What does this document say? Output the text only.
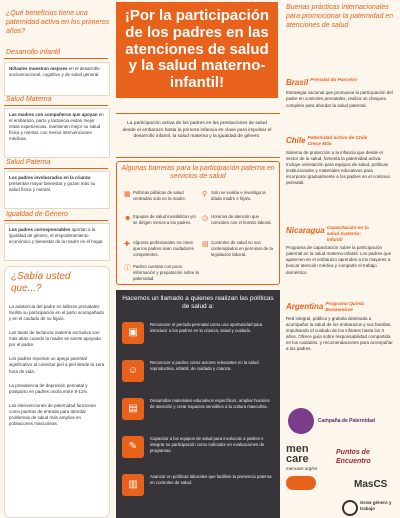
¿Qué beneficios tiene una paternidad activa en los primeros años?
Desarrollo infantil

Niñas/es muestran mejores en el desarrollo socioemocional, cognitivo y de salud general.

Salud Materna

Las madres con compañeros que apoyan en el embarazo, parto y lactancia evitan mejor estas experiencias, mantienen mejor su salud física y mental, con menor intervenciones médicas.

Salud Paterna

Los padres involucrados en la crianza presentan mayor bienestar y gozan más su salud física y mental.

Igualdad de Género

Los padres corresponsables aportan a la igualdad de género, el empoderamiento económico y bienestar de la madre en el hogar.

¿Sabía usted que...?

La asistencia del padre en talleres prenatales facilita su participación en el parto acompañado y en el cuidado de su hija/o.

Las tasas de lactancia materna exclusiva son más altas cuando la madre se siente apoyada por el padre.

Los padres reportan un apego parental significativo al conectar piel a piel desde la 1era hora de vida.

La prevalencia de depresión perinatal y postparto en padres oscila entre 8-11%.

Las intervenciones de paternidad funcionan como puertas de entrada para abordar problemas de salud más amplios en poblaciones masculinas.

¡Por la participación de los padres en las atenciones de salud y la salud materno-infantil!
La participación activa de los padres en las prestaciones de salud desde el embarazo hasta la primera infancia es clave para impulsar el desarrollo infantil, la salud materna y la igualdad de género.
Algunas barreras para la participación paterna en servicios de salud
▦ Políticas públicas de salud centradas solo en la madre.
⚲ Solo se evalúa e investiga la díada madre e hija/o.
☻ Equipos de salud invisibilizan y/o se dirigen menos a los padres.
◷ Horarios de atención que coinciden con el horario laboral.
✚ Algunos profesionales no creen que los padres sean cuidadores competentes.
▤ Controles de salud no son contemplados en permisos de la legislación laboral.
ⓘ Padres cuentan con poca información y preparación sobre la paternidad.
Hacemos un llamado a quienes realizan las políticas de salud a:
▣
Reconocer el periodo perinatal como una oportunidad para introducir a los padres en la crianza, salud y cuidado.
☺
Reconocer a padres como actores relevantes en la salud reproductiva, infantil, de cuidado y crianza.
▤
Desarrollar materiales educativos específicos, ampliar horarios de atención y crear espacios sensibles a la cultura masculina.
✎
Capacitar a los equipos de salud para involucrar a padres e integrar su participación como indicador en evaluaciones de programas.
▥
Avanzar en políticas laborales que faciliten la presencia paterna en controles de salud.
Buenas prácticas internacionales para promocionar la paternidad en atenciones de salud
Brasil Prenatal do Parceiro
Estrategia nacional que promueve la participación del padre en controles prenatales, realiza un chequeo completo para abordar la salud paternal.
Chile Paternidad activa de Chile Crece Más
Sistema de protección a la infancia que desde el sector de la salud, fomenta la paternidad activa. Incluye orientación para equipos de salud, políticas institucionales y materiales educativos para incorporar gradualmente a los padres en el continuo perinatal.
Nicaragua Capacitación en la salud materno-infantil
Programa de capacitación sobre la participación paternal en la salud materno-infantil. Los padres que aparecen en el embarazo aprenden a los mayores a buscar atención médica y compartir el trabajo doméstico.
Argentina Programa Quinta Bonaerense
Red integral, pública y gratuita destinada a acompañar la salud de los embarazos y sus familias, impulsando el cuidado de los infantes hasta los 3 años. Ofrece guía sobre responsabilidad compartida en los cuidados, y recomendaciones para acompañar a los padres.
Campaña de Paternidad
men care
Puntos de Encuentro
mencare.org/es
MasCS
Grow género y trabajo
